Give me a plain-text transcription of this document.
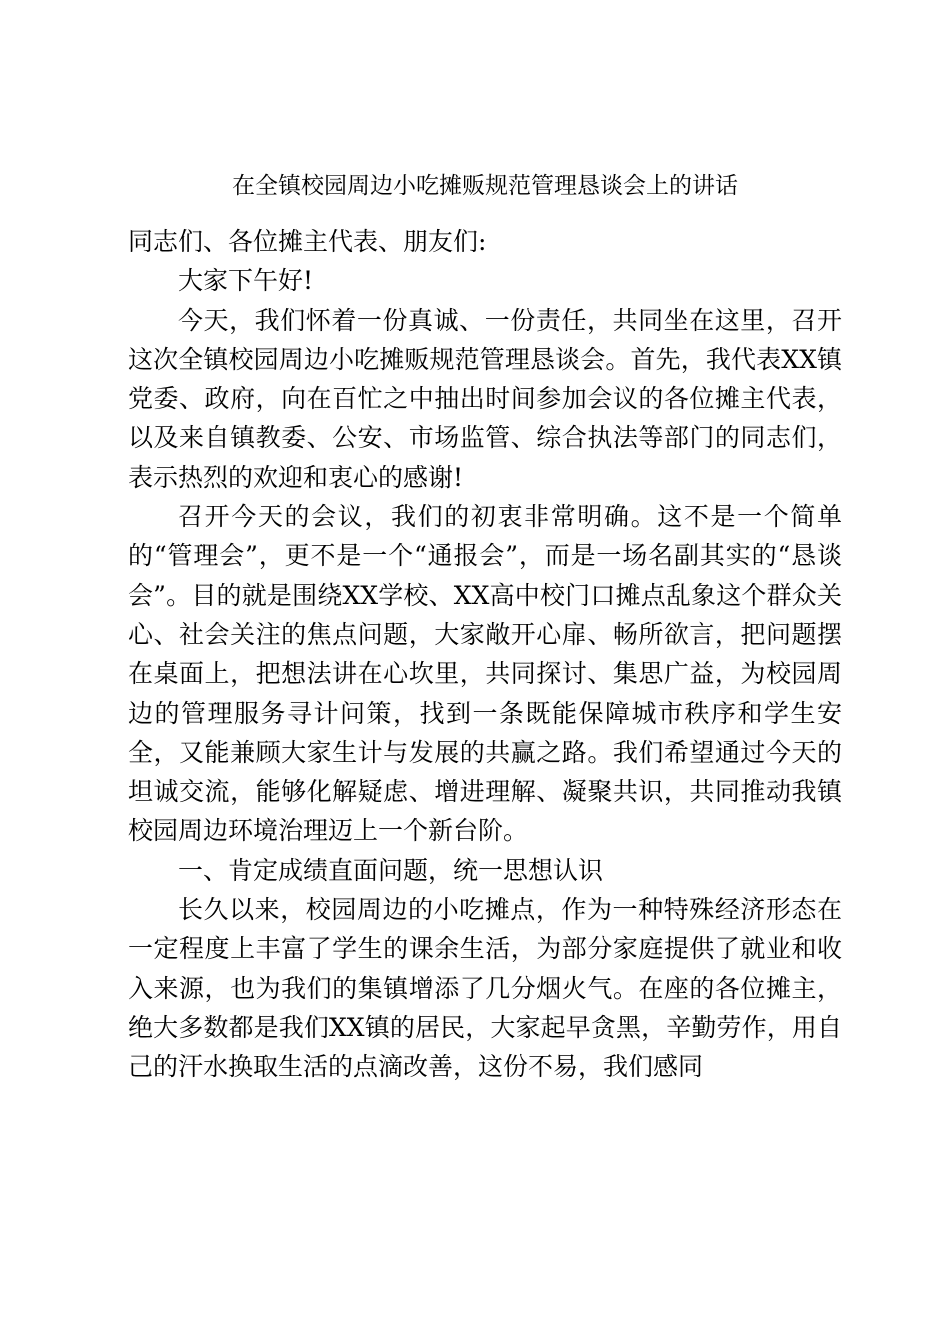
在全镇校园周边小吃摊贩规范管理恳谈会上的讲话

同志们、各位摊主代表、朋友们:

大家下午好!

今天，我们怀着一份真诚、一份责任，共同坐在这里，召开这次全镇校园周边小吃摊贩规范管理恳谈会。首先，我代表XX镇党委、政府，向在百忙之中抽出时间参加会议的各位摊主代表，以及来自镇教委、公安、市场监管、综合执法等部门的同志们，表示热烈的欢迎和衷心的感谢!

召开今天的会议，我们的初衷非常明确。这不是一个简单的“管理会”，更不是一个“通报会”，而是一场名副其实的“恳谈会”。目的就是围绕XX学校、XX高中校门口摊点乱象这个群众关心、社会关注的焦点问题，大家敞开心扉、畅所欲言，把问题摆在桌面上，把想法讲在心坎里，共同探讨、集思广益，为校园周边的管理服务寻计问策，找到一条既能保障城市秩序和学生安全，又能兼顾大家生计与发展的共赢之路。我们希望通过今天的坦诚交流，能够化解疑虑、增进理解、凝聚共识，共同推动我镇校园周边环境治理迈上一个新台阶。

一、肯定成绩直面问题，统一思想认识

长久以来，校园周边的小吃摊点，作为一种特殊经济形态在一定程度上丰富了学生的课余生活，为部分家庭提供了就业和收入来源，也为我们的集镇增添了几分烟火气。在座的各位摊主，绝大多数都是我们XX镇的居民，大家起早贪黑，辛勤劳作，用自己的汗水换取生活的点滴改善，这份不易，我们感同
